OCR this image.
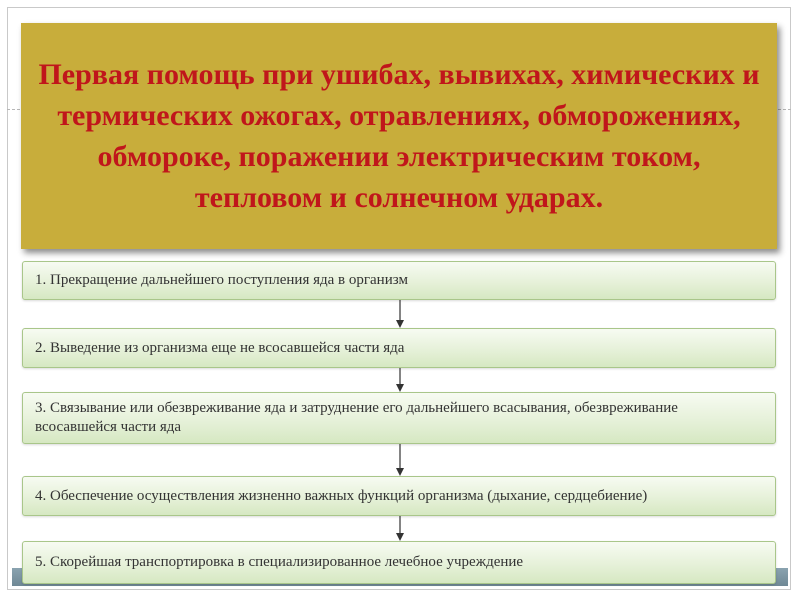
Первая помощь при ушибах, вывихах, химических и термических ожогах, отравлениях, обморожениях, обмороке, поражении электрическим током, тепловом и солнечном ударах.
1. Прекращение дальнейшего поступления яда в организм
2. Выведение из организма еще не всосавшейся части яда
3. Связывание или обезвреживание яда и затруднение его дальнейшего всасывания, обезвреживание всосавшейся части яда
4. Обеспечение осуществления жизненно важных функций организма (дыхание, сердцебиение)
5. Скорейшая транспортировка в специализированное лечебное учреждение
